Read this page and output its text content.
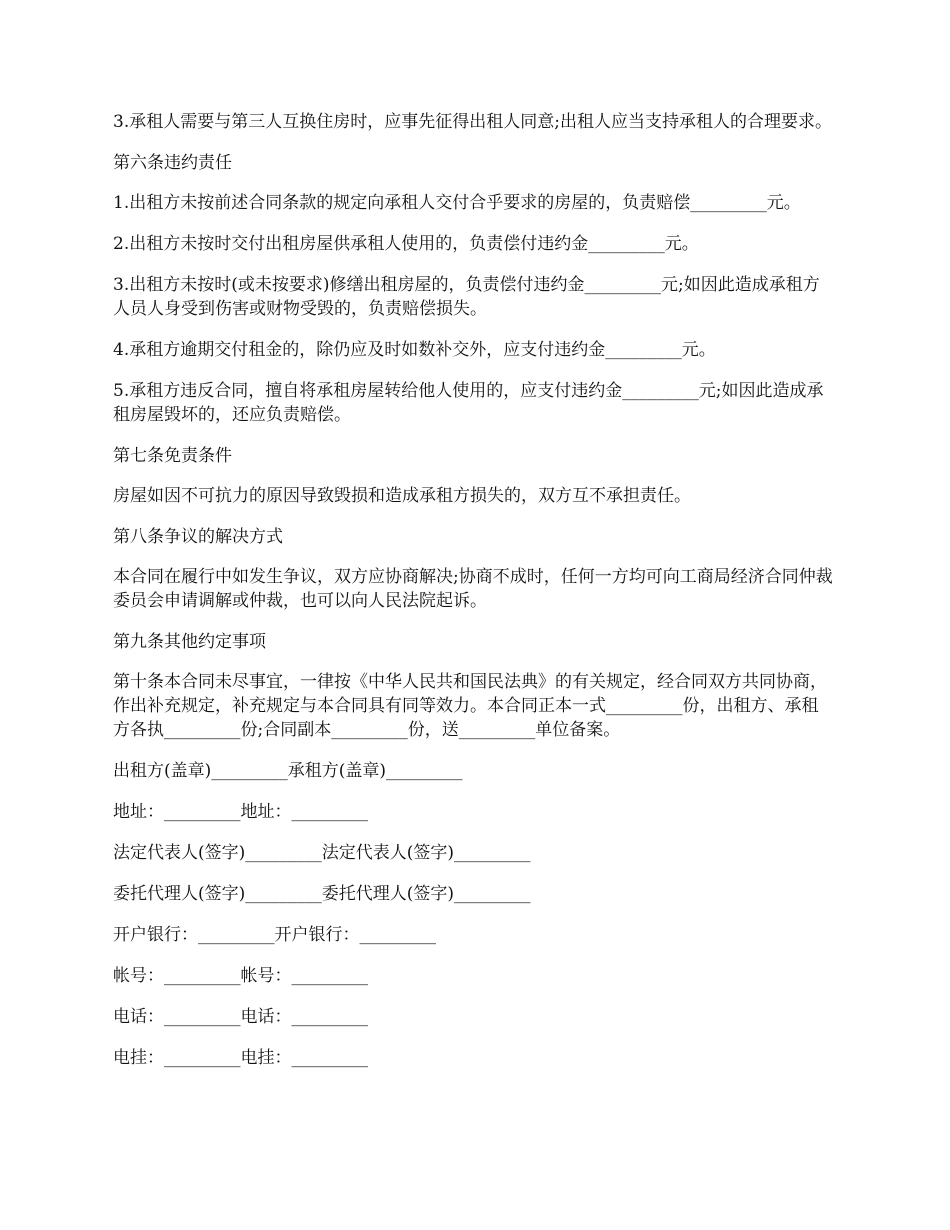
3.承租人需要与第三人互换住房时，应事先征得出租人同意;出租人应当支持承租人的合理要求。

第六条违约责任

1.出租方未按前述合同条款的规定向承租人交付合乎要求的房屋的，负责赔偿_________元。

2.出租方未按时交付出租房屋供承租人使用的，负责偿付违约金_________元。

3.出租方未按时(或未按要求)修缮出租房屋的，负责偿付违约金_________元;如因此造成承租方人员人身受到伤害或财物受毁的，负责赔偿损失。

4.承租方逾期交付租金的，除仍应及时如数补交外，应支付违约金_________元。

5.承租方违反合同，擅自将承租房屋转给他人使用的，应支付违约金_________元;如因此造成承租房屋毁坏的，还应负责赔偿。

第七条免责条件

房屋如因不可抗力的原因导致毁损和造成承租方损失的，双方互不承担责任。

第八条争议的解决方式

本合同在履行中如发生争议，双方应协商解决;协商不成时，任何一方均可向工商局经济合同仲裁委员会申请调解或仲裁，也可以向人民法院起诉。

第九条其他约定事项

第十条本合同未尽事宜，一律按《中华人民共和国民法典》的有关规定，经合同双方共同协商，作出补充规定，补充规定与本合同具有同等效力。本合同正本一式_________份，出租方、承租方各执_________份;合同副本_________份，送_________单位备案。

出租方(盖章)_________承租方(盖章)_________

地址：_________地址：_________

法定代表人(签字)_________法定代表人(签字)_________

委托代理人(签字)_________委托代理人(签字)_________

开户银行：_________开户银行：_________

帐号：_________帐号：_________

电话：_________电话：_________

电挂：_________电挂：_________
